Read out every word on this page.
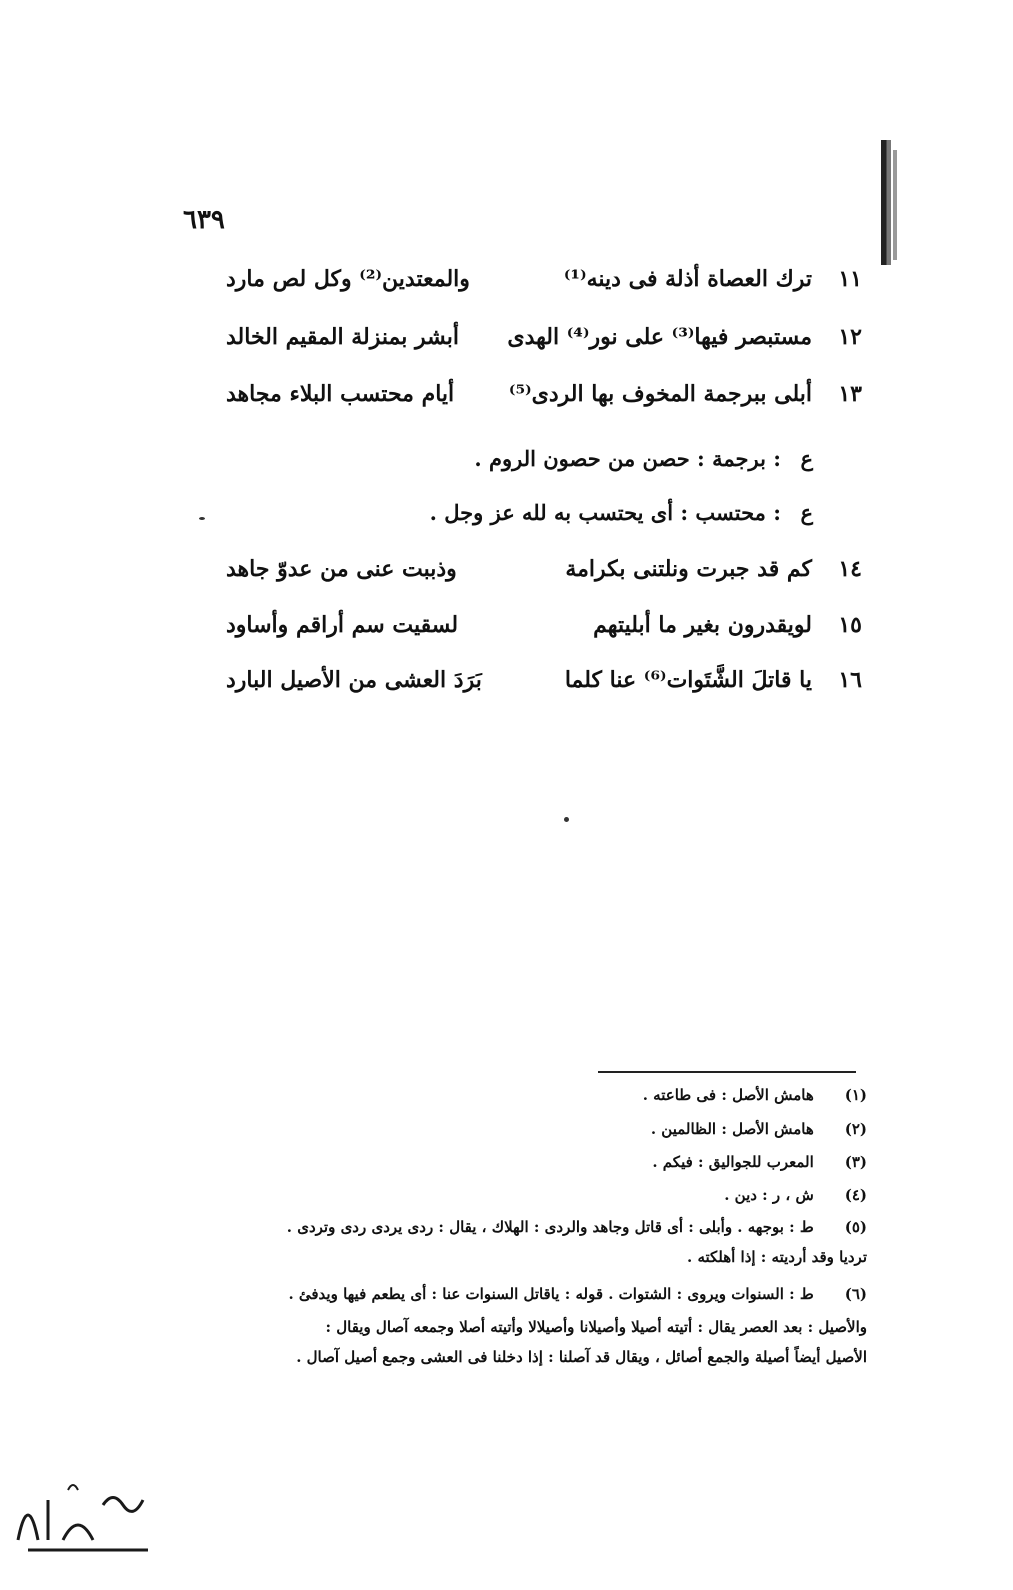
٦٣٩
١١
ترك العصاة أذلة فى دينه⁽¹⁾
والمعتدين⁽²⁾ وكل لص مارد
١٢
مستبصر فيها⁽³⁾ على نور⁽⁴⁾ الهدى
أبشر بمنزلة المقيم الخالد
١٣
أبلى ببرجمة المخوف بها الردى⁽⁵⁾
أيام محتسب البلاء مجاهد
ع
: برجمة : حصن من حصون الروم .
ع
: محتسب : أى يحتسب به لله عز وجل .
١٤
كم قد جبرت ونلتنى بكرامة
وذببت عنى من عدوّ جاهد
١٥
لويقدرون بغير ما أبليتهم
لسقيت سم أراقم وأساود
١٦
يا قاتلَ الشَّتَوات⁽⁶⁾ عنا كلما
بَرَدَ العشى من الأصيل البارد
(١) هامش الأصل : فى طاعته .
(٢) هامش الأصل : الظالمين .
(٣) المعرب للجواليق : فيكم .
(٤) ش ، ر : دين .
(٥) ط : بوجهه . وأبلى : أى قاتل وجاهد والردى : الهلاك ، يقال : ردى يردى ردى وتردى .
ترديا وقد أرديته : إذا أهلكته .
(٦) ط : السنوات ويروى : الشتوات . قوله : ياقاتل السنوات عنا : أى يطعم فيها ويدفئ .
والأصيل : بعد العصر يقال : أتيته أصيلا وأصيلانا وأصيلالا وأتيته أصلا وجمعه آصال ويقال :
الأصيل أيضاً أصيلة والجمع أصائل ، ويقال قد آصلنا : إذا دخلنا فى العشى وجمع أصيل آصال .
